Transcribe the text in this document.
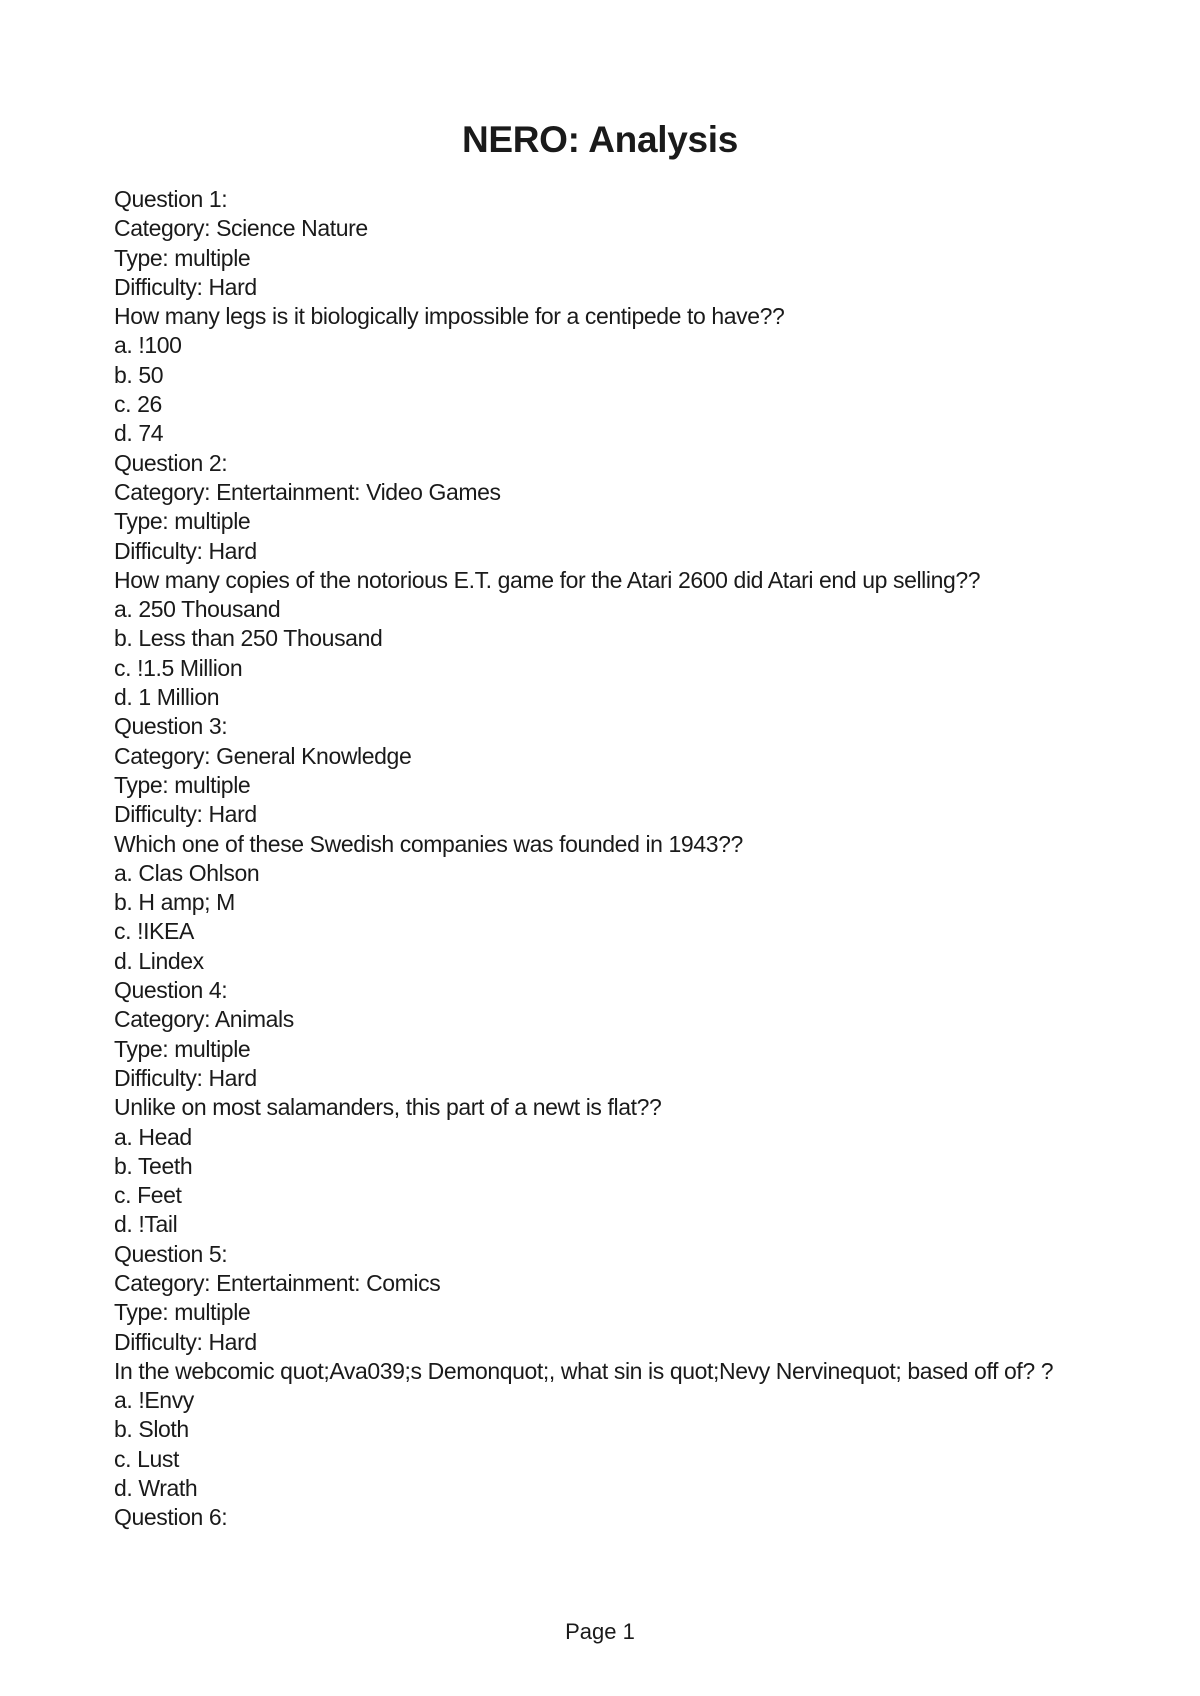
NERO: Analysis

Question 1:

Category: Science Nature

Type: multiple

Difficulty: Hard

How many legs is it biologically impossible for a centipede to have??

a. !100

b. 50

c. 26

d. 74

Question 2:

Category: Entertainment: Video Games

Type: multiple

Difficulty: Hard

How many copies of the notorious E.T. game for the Atari 2600 did Atari end up selling??

a. 250 Thousand

b. Less than 250 Thousand

c. !1.5 Million

d. 1 Million

Question 3:

Category: General Knowledge

Type: multiple

Difficulty: Hard

Which one of these Swedish companies was founded in 1943??

a. Clas Ohlson

b. H amp; M

c. !IKEA

d. Lindex

Question 4:

Category: Animals

Type: multiple

Difficulty: Hard

Unlike on most salamanders, this part of a newt is flat??

a. Head

b. Teeth

c. Feet

d. !Tail

Question 5:

Category: Entertainment: Comics

Type: multiple

Difficulty: Hard

In the webcomic quot;Ava039;s Demonquot;, what sin is quot;Nevy Nervinequot; based off of? ?

a. !Envy

b. Sloth

c. Lust

d. Wrath

Question 6:

Page 1
